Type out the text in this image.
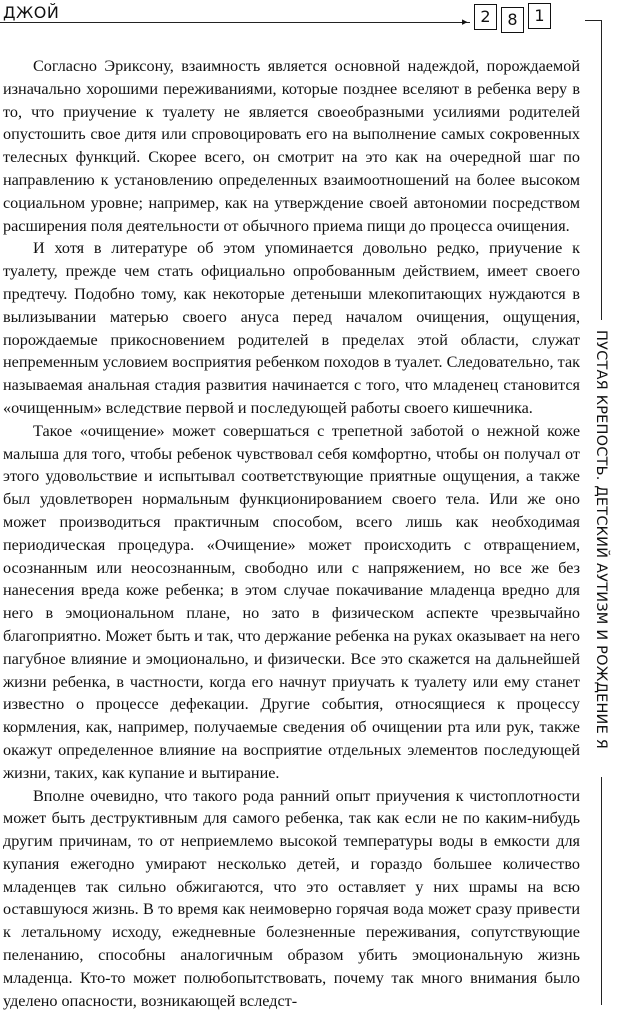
ДЖОЙ	▸ 2	8	1
ПУСТАЯ КРЕПОСТЬ. ДЕТСКИЙ АУТИЗМ И РОЖДЕНИЕ Я

Согласно Эриксону, взаимность является основной надеждой, порождаемой изначально хорошими переживаниями, которые позднее вселяют в ребенка веру в то, что приучение к туалету не является своеобразными усилиями родителей опустошить свое дитя или спровоцировать его на выполнение самых сокровенных телесных функций. Скорее всего, он смотрит на это как на очередной шаг по направлению к установлению определенных взаимоотношений на более высоком социальном уровне; например, как на утверждение своей автономии посредством расширения поля деятельности от обычного приема пищи до процесса очищения.

И хотя в литературе об этом упоминается довольно редко, приучение к туалету, прежде чем стать официально опробованным действием, имеет своего предтечу. Подобно тому, как некоторые детеныши млекопитающих нуждаются в вылизывании матерью своего ануса перед началом очищения, ощущения, порождаемые прикосновением родителей в пределах этой области, служат непременным условием восприятия ребенком походов в туалет. Следовательно, так называемая анальная стадия развития начинается с того, что младенец становится «очищенным» вследствие первой и последующей работы своего кишечника.

Такое «очищение» может совершаться с трепетной заботой о нежной коже малыша для того, чтобы ребенок чувствовал себя комфортно, чтобы он получал от этого удовольствие и испытывал соответствующие приятные ощущения, а также был удовлетворен нормальным функционированием своего тела. Или же оно может производиться практичным способом, всего лишь как необходимая периодическая процедура. «Очищение» может происходить с отвращением, осознанным или неосознанным, свободно или с напряжением, но все же без нанесения вреда коже ребенка; в этом случае покачивание младенца вредно для него в эмоциональном плане, но зато в физическом аспекте чрезвычайно благоприятно. Может быть и так, что держание ребенка на руках оказывает на него пагубное влияние и эмоционально, и физически. Все это скажется на дальнейшей жизни ребенка, в частности, когда его начнут приучать к туалету или ему станет известно о процессе дефекации. Другие события, относящиеся к процессу кормления, как, например, получаемые сведения об очищении рта или рук, также окажут определенное влияние на восприятие отдельных элементов последующей жизни, таких, как купание и вытирание.

Вполне очевидно, что такого рода ранний опыт приучения к чистоплотности может быть деструктивным для самого ребенка, так как если не по каким-нибудь другим причинам, то от неприемлемо высокой температуры воды в емкости для купания ежегодно умирают несколько детей, и гораздо большее количество младенцев так сильно обжигаются, что это оставляет у них шрамы на всю оставшуюся жизнь. В то время как неимоверно горячая вода может сразу привести к летальному исходу, ежедневные болезненные переживания, сопутствующие пеленанию, способны аналогичным образом убить эмоциональную жизнь младенца. Кто-то может полюбопытствовать, почему так много внимания было уделено опасности, возникающей вследст-
